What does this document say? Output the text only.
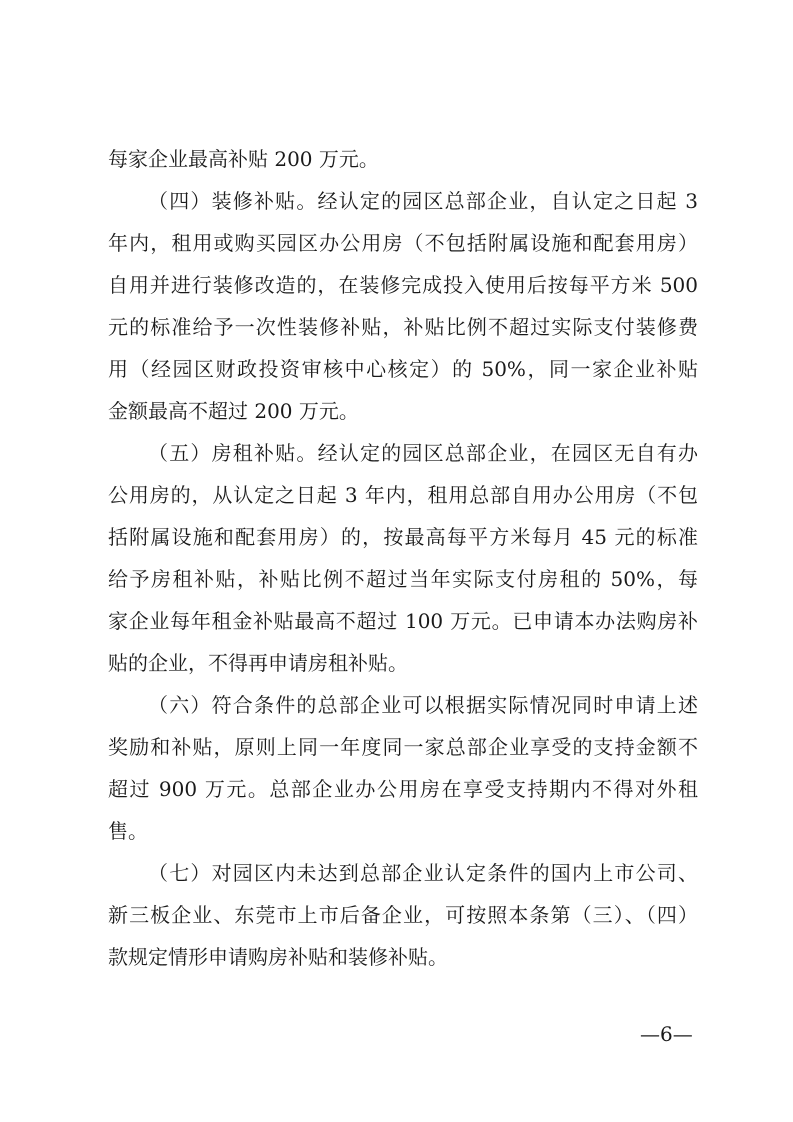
每家企业最高补贴 200 万元。
（四）装修补贴。经认定的园区总部企业，自认定之日起 3
年内，租用或购买园区办公用房（不包括附属设施和配套用房）
自用并进行装修改造的，在装修完成投入使用后按每平方米 500
元的标准给予一次性装修补贴，补贴比例不超过实际支付装修费
用（经园区财政投资审核中心核定）的 50%，同一家企业补贴
金额最高不超过 200 万元。
（五）房租补贴。经认定的园区总部企业，在园区无自有办
公用房的，从认定之日起 3 年内，租用总部自用办公用房（不包
括附属设施和配套用房）的，按最高每平方米每月 45 元的标准
给予房租补贴，补贴比例不超过当年实际支付房租的 50%，每
家企业每年租金补贴最高不超过 100 万元。已申请本办法购房补
贴的企业，不得再申请房租补贴。
（六）符合条件的总部企业可以根据实际情况同时申请上述
奖励和补贴，原则上同一年度同一家总部企业享受的支持金额不
超过 900 万元。总部企业办公用房在享受支持期内不得对外租
售。
（七）对园区内未达到总部企业认定条件的国内上市公司、
新三板企业、东莞市上市后备企业，可按照本条第（三）、（四）
款规定情形申请购房补贴和装修补贴。
—6—
